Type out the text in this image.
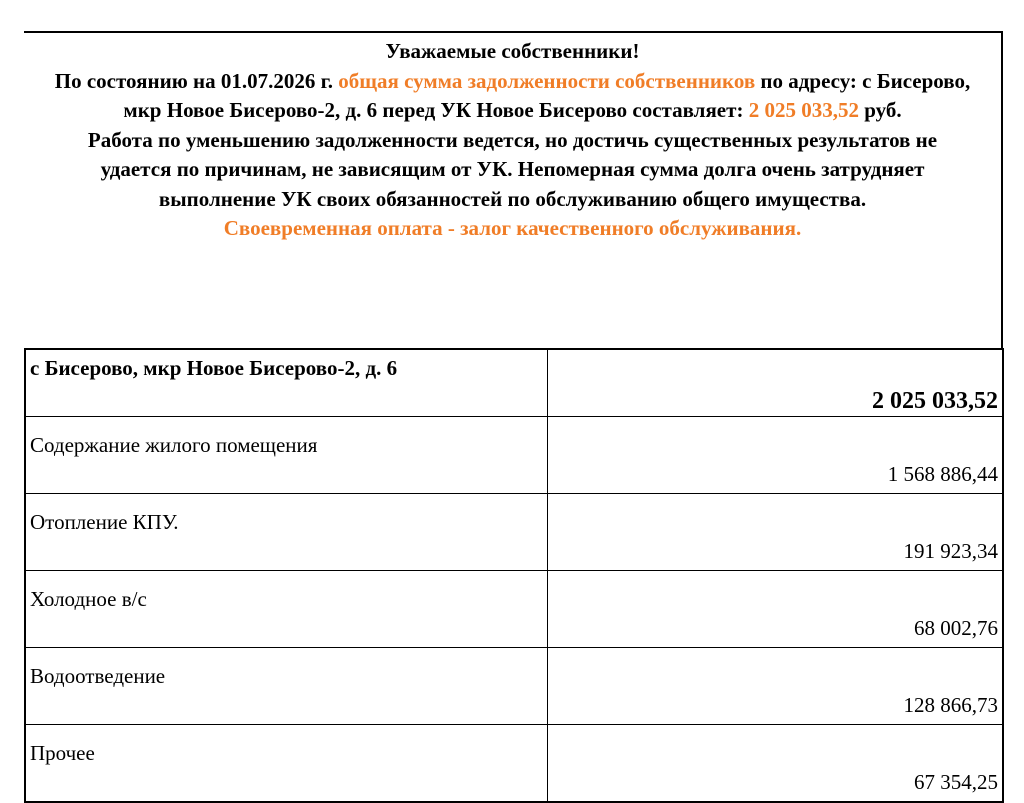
Уважаемые собственники!

По состоянию на 01.07.2026 г. общая сумма задолженности собственников по адресу: с Бисерово, мкр Новое Бисерово-2, д. 6 перед УК Новое Бисерово составляет: 2 025 033,52 руб.

Работа по уменьшению задолженности ведется, но достичь существенных результатов не удается по причинам, не зависящим от УК. Непомерная сумма долга очень затрудняет выполнение УК своих обязанностей по обслуживанию общего имущества.

Своевременная оплата - залог качественного обслуживания.

с Бисерово, мкр Новое Бисерово-2, д. 6	2 025 033,52
Содержание жилого помещения	1 568 886,44
Отопление КПУ.	191 923,34
Холодное в/с	68 002,76
Водоотведение	128 866,73
Прочее	67 354,25
